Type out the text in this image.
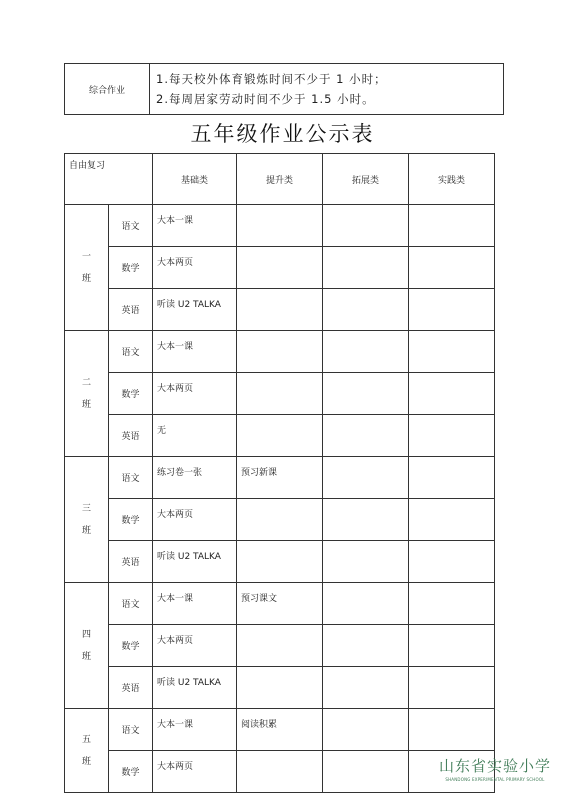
综合作业	
1.每天校外体育锻炼时间不少于 1 小时；
2.每周居家劳动时间不少于 1.5 小时。
五年级作业公示表
自由复习		基础类	提升类	拓展类	实践类

一
班	语文	大本一课			
	数学	大本两页			
	英语	听读 U2 TALKA			

二
班	语文	大本一课			
	数学	大本两页			
	英语	无			

三
班	语文	练习卷一张	预习新课		
	数学	大本两页			
	英语	听读 U2 TALKA			

四
班	语文	大本一课	预习课文		
	数学	大本两页			
	英语	听读 U2 TALKA			

五
班	语文	大本一课	阅读积累		
	数学	大本两页				山东省实验小学
SHANDONG EXPERIMENTAL PRIMARY SCHOOL
